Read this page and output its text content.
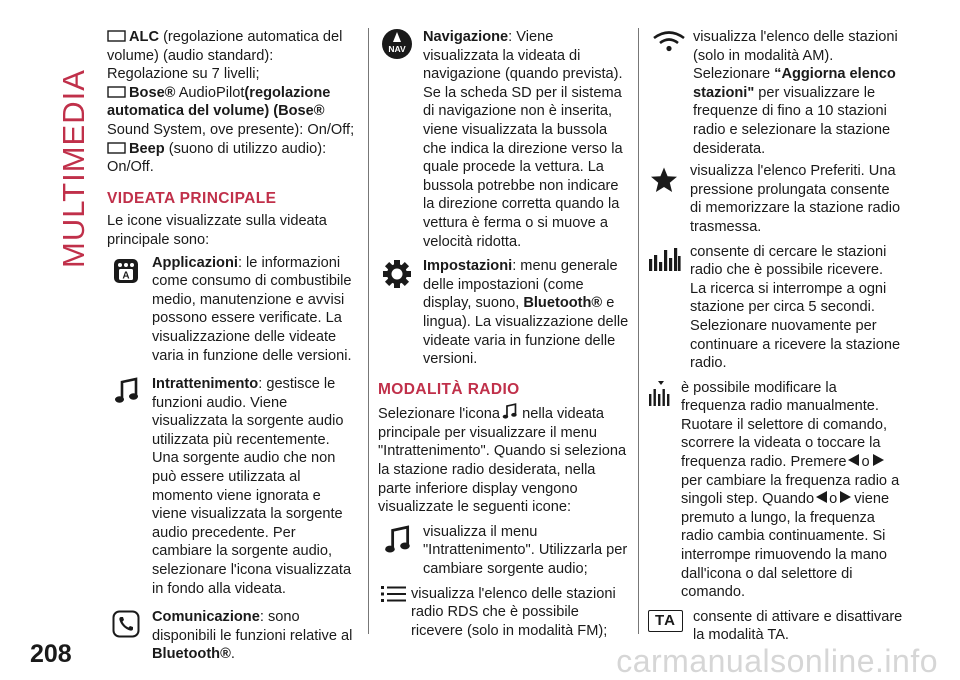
MULTIMEDIA

ALC (regolazione automatica del volume) (audio standard): Regolazione su 7 livelli;

Bose® AudioPilot(regolazione automatica del volume) (Bose® Sound System, ove presente): On/Off;

Beep (suono di utilizzo audio): On/Off.

VIDEATA PRINCIPALE

Le icone visualizzate sulla videata principale sono:

A
Applicazioni: le informazioni come consumo di combustibile medio, manutenzione e avvisi possono essere verificate. La visualizzazione delle videate varia in funzione delle versioni.
Intrattenimento: gestisce le funzioni audio. Viene visualizzata la sorgente audio utilizzata più recentemente. Una sorgente audio che non può essere utilizzata al momento viene ignorata e viene visualizzata la sorgente audio precedente. Per cambiare la sorgente audio, selezionare l'icona visualizzata in fondo alla videata.
Comunicazione: sono disponibili le funzioni relative al Bluetooth®.
NAV
Navigazione: Viene visualizzata la videata di navigazione (quando prevista). Se la scheda SD per il sistema di navigazione non è inserita, viene visualizzata la bussola che indica la direzione verso la quale procede la vettura. La bussola potrebbe non indicare la direzione corretta quando la vettura è ferma o si muove a velocità ridotta.
Impostazioni: menu generale delle impostazioni (come display, suono, Bluetooth® e lingua). La visualizzazione delle videate varia in funzione delle versioni.
MODALITÀ RADIO

Selezionare l'icona nella videata principale per visualizzare il menu "Intrattenimento". Quando si seleziona la stazione radio desiderata, nella parte inferiore display vengono visualizzate le seguenti icone:

visualizza il menu "Intrattenimento". Utilizzarla per cambiare sorgente audio;
visualizza l'elenco delle stazioni radio RDS che è possibile ricevere (solo in modalità FM);
visualizza l'elenco delle stazioni (solo in modalità AM). Selezionare “Aggiorna elenco stazioni" per visualizzare le frequenze di fino a 10 stazioni radio e selezionare la stazione desiderata.
visualizza l'elenco Preferiti. Una pressione prolungata consente di memorizzare la stazione radio trasmessa.
consente di cercare le stazioni radio che è possibile ricevere. La ricerca si interrompe a ogni stazione per circa 5 secondi. Selezionare nuovamente per continuare a ricevere la stazione radio.
è possibile modificare la frequenza radio manualmente. Ruotare il selettore di comando, scorrere la videata o toccare la frequenza radio. Premere oper cambiare la frequenza radio a singoli step. Quando o viene premuto a lungo, la frequenza radio cambia continuamente. Si interrompe rimuovendo la mano dall'icona o dal selettore di comando.
TA	consente di attivare e disattivare la modalità TA.
208	carmanualsonline.info
